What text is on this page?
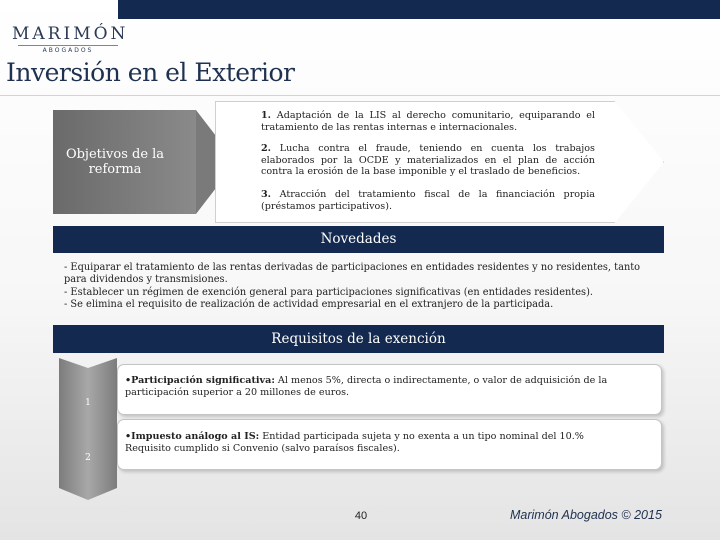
MARIMÓN
ABOGADOS
Inversión en el Exterior
Objetivos de la reforma
1. Adaptación de la LIS al derecho comunitario, equiparando el tratamiento de las rentas internas e internacionales.
2. Lucha contra el fraude, teniendo en cuenta los trabajos elaborados por la OCDE y materializados en el plan de acción contra la erosión de la base imponible y el traslado de beneficios.
3. Atracción del tratamiento fiscal de la financiación propia (préstamos participativos).
Novedades
- Equiparar el tratamiento de las rentas derivadas de participaciones en entidades residentes y no residentes, tanto para dividendos y transmisiones.
- Establecer un régimen de exención general para participaciones significativas (en entidades residentes).
- Se elimina el requisito de realización de actividad empresarial en el extranjero de la participada.
Requisitos de la exención
1
2
•Participación significativa: Al menos 5%, directa o indirectamente, o valor de adquisición de la participación superior a 20 millones de euros.
•Impuesto análogo al IS: Entidad participada sujeta y no exenta a un tipo nominal del 10.% Requisito cumplido si Convenio (salvo paraísos fiscales).
40	Marimón Abogados © 2015
